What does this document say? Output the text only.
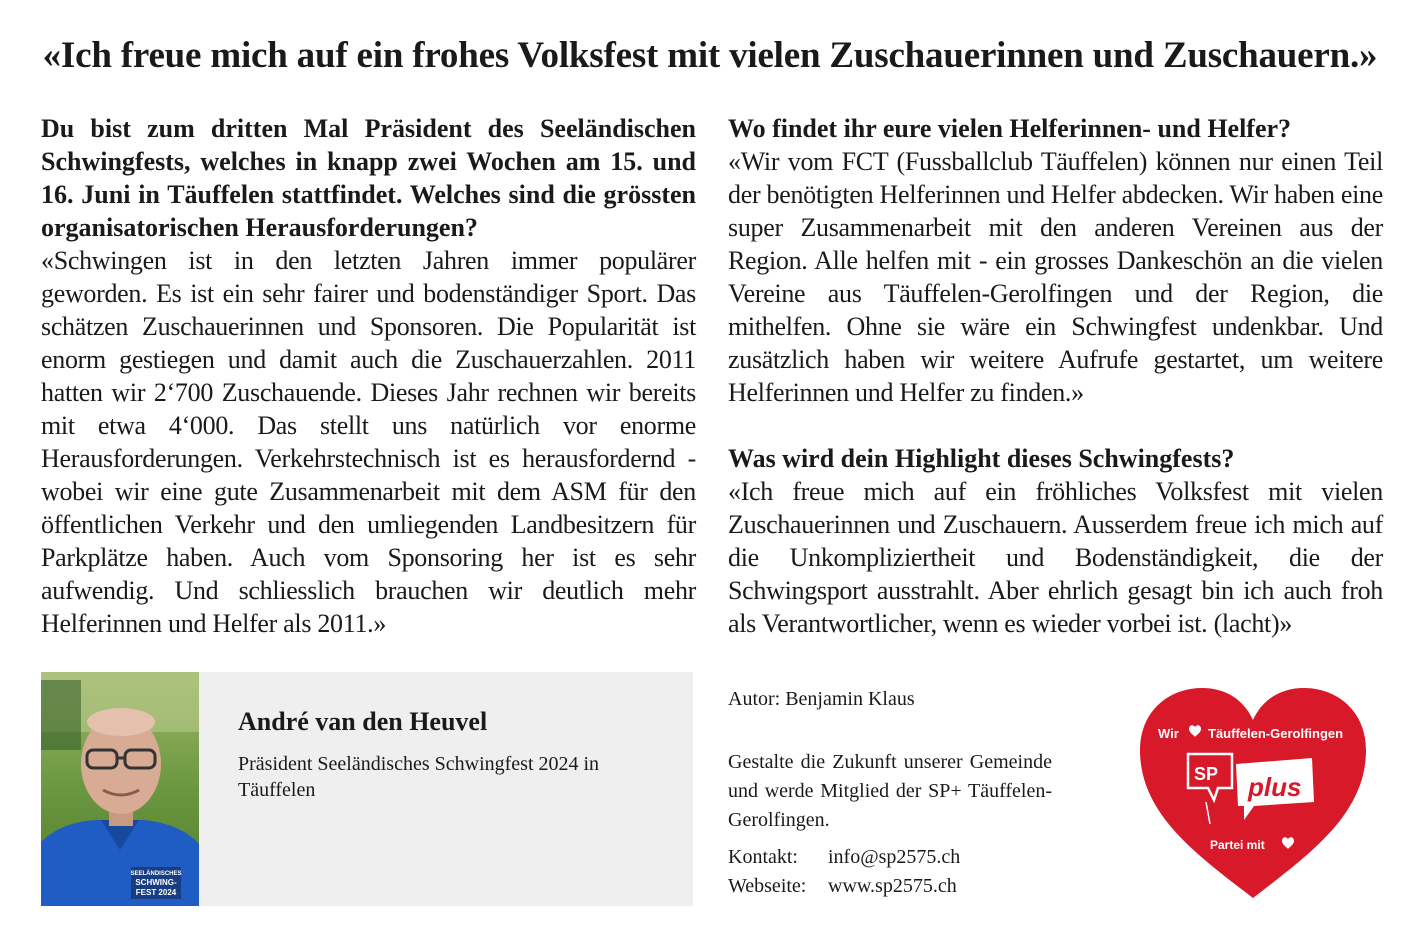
«Ich freue mich auf ein frohes Volksfest mit vielen Zuschauerinnen und Zuschauern.»

Du bist zum dritten Mal Präsident des Seeländischen Schwingfests, welches in knapp zwei Wochen am 15. und 16. Juni in Täuffelen stattfindet. Welches sind die grössten organisatorischen Herausforderungen?

«Schwingen ist in den letzten Jahren immer populärer geworden. Es ist ein sehr fairer und bodenständiger Sport. Das schätzen Zuschauerinnen und Sponsoren. Die Popularität ist enorm gestiegen und damit auch die Zuschauerzahlen. 2011 hatten wir 2‘700 Zuschauende. Dieses Jahr rechnen wir bereits mit etwa 4‘000. Das stellt uns natürlich vor enorme Herausforderungen. Verkehrstechnisch ist es herausfordernd - wobei wir eine gute Zusammenarbeit mit dem ASM für den öffentlichen Verkehr und den umliegenden Landbesitzern für Parkplätze haben. Auch vom Sponsoring her ist es sehr aufwendig. Und schliesslich brauchen wir deutlich mehr Helferinnen und Helfer als 2011.»

Wo findet ihr eure vielen Helferinnen- und Helfer?

«Wir vom FCT (Fussballclub Täuffelen) können nur einen Teil der benötigten Helferinnen und Helfer abdecken. Wir haben eine super Zusammenarbeit mit den anderen Vereinen aus der Region. Alle helfen mit - ein grosses Dankeschön an die vielen Vereine aus Täuffelen-Gerolfingen und der Region, die mithelfen. Ohne sie wäre ein Schwingfest undenkbar. Und zusätzlich haben wir weitere Aufrufe gestartet, um weitere Helferinnen und Helfer zu finden.»

Was wird dein Highlight dieses Schwingfests?

«Ich freue mich auf ein fröhliches Volksfest mit vielen Zuschauerinnen und Zuschauern. Ausserdem freue ich mich auf die Unkompliziertheit und Bodenständigkeit, die der Schwingsport ausstrahlt. Aber ehrlich gesagt bin ich auch froh als Verantwortlicher, wenn es wieder vorbei ist. (lacht)»

SEELÄNDISCHES
SCHWING-
FEST 2024
André van den Heuvel
Präsident Seeländisches Schwingfest 2024 in Täuffelen
Autor: Benjamin Klaus
Gestalte die Zukunft unserer Gemeinde und werde Mitglied der SP+ Täuffelen-Gerolfingen.
Kontakt: info@sp2575.ch
Webseite: www.sp2575.ch
Wir Täuffelen-Gerolfingen
SP plus
Partei mit
